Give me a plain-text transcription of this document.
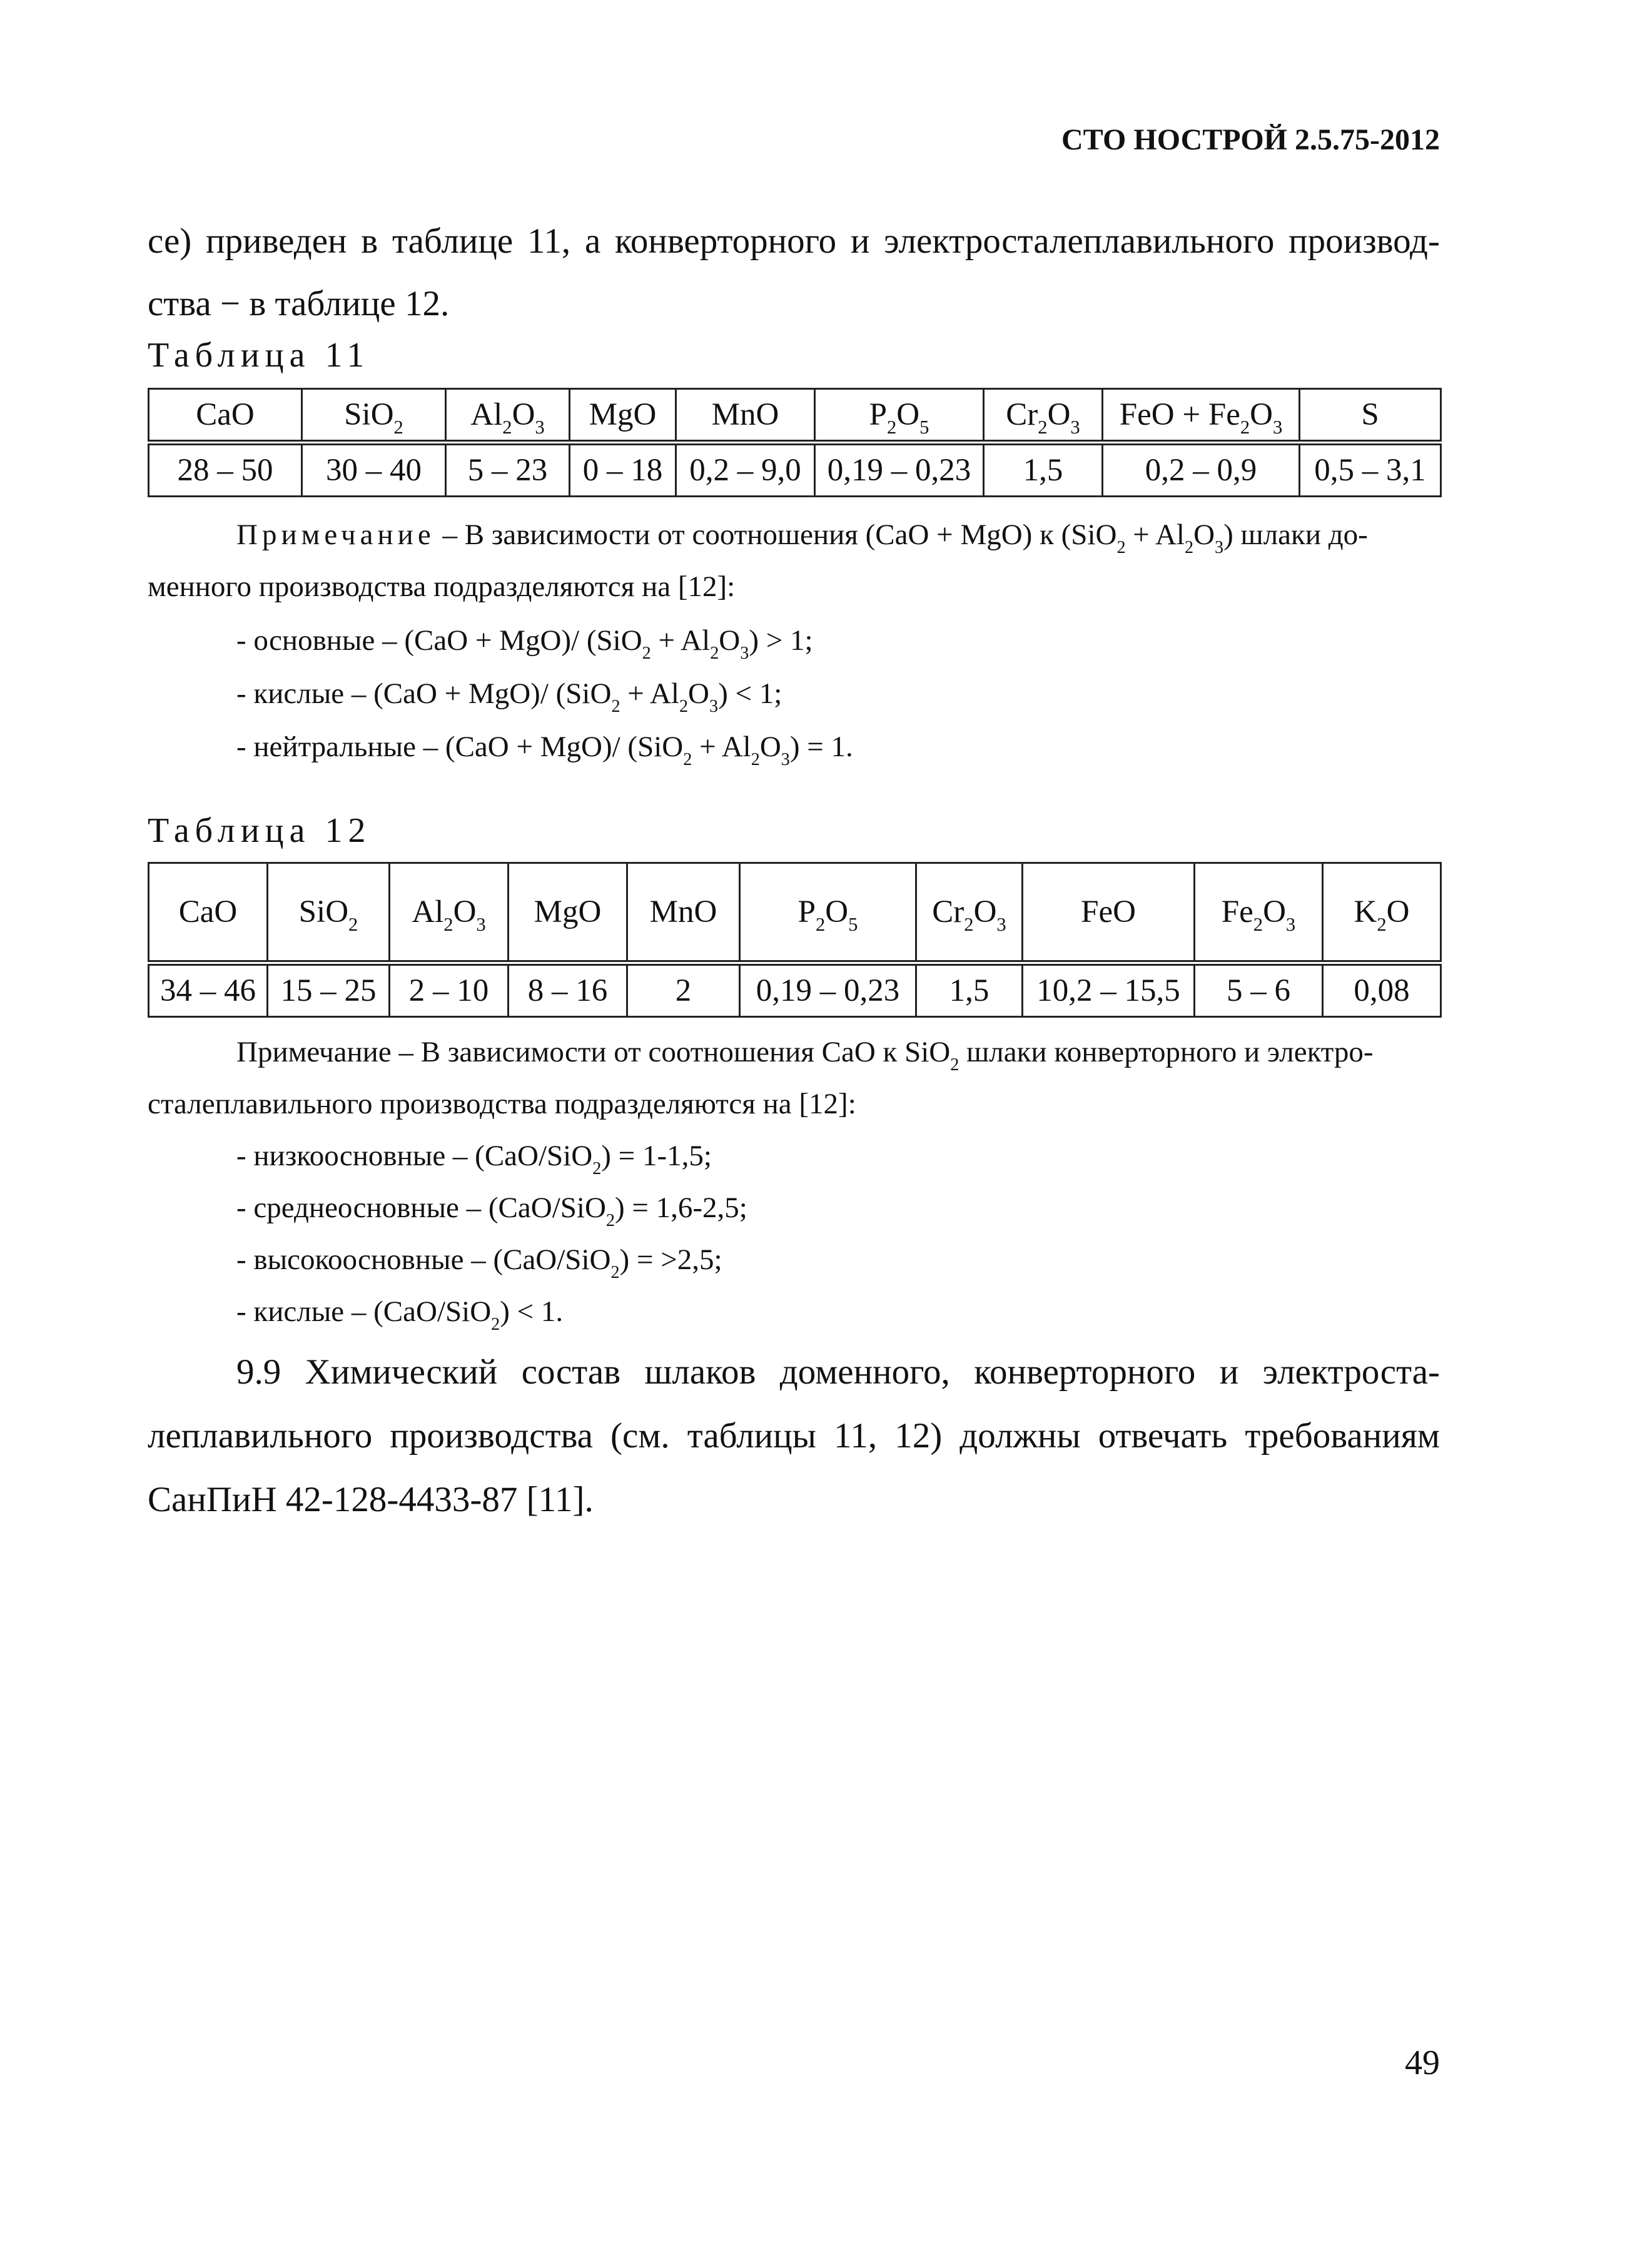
СТО НОСТРОЙ 2.5.75-2012
се) приведен в таблице 11, а конверторного и электросталеплавильного производ-
ства − в таблице 12.
Таблица 11
CaO	SiO$_2$	$Al_2O_3$	MgO	MnO	$P_2O_5$	$Cr_2O_3$	FeO + $Fe_2O_3$	S
28 – 50	30 – 40	5 – 23	0 – 18	0,2 – 9,0	0,19 – 0,23	1,5	0,2 – 0,9	0,5 – 3,1
Примечание – В зависимости от соотношения (CaO + MgO) к $(SiO_2 + Al_2O_3)$ шлаки до-
менного производства подразделяются на [12]:
- основные – (CaO + MgO)/ $(SiO_2 + Al_2O_3) > 1$;
- кислые – (CaO + MgO)/ $(SiO_2 + Al_2O_3) < 1$;
- нейтральные – (CaO + MgO)/ $(SiO_2 + Al_2O_3) = 1$.
Таблица 12
CaO	SiO$_2$	$Al_2O_3$	MgO	MnO	$P_2O_5$	$Cr_2O_3$	FeO	$Fe_2O_3$	$K_2O$
34 – 46	15 – 25	2 – 10	8 – 16	2	0,19 – 0,23	1,5	10,2 – 15,5	5 – 6	0,08
Примечание – В зависимости от соотношения CaO к SiO$_2$ шлаки конверторного и электро-
сталеплавильного производства подразделяются на [12]:
- низкоосновные – (CaO/SiO$_2$) = 1-1,5;
- среднеосновные – (CaO/SiO$_2$) = 1,6-2,5;
- высокоосновные – (CaO/SiO$_2$) = >2,5;
- кислые – (CaO/SiO$_2$) < 1.
9.9 Химический состав шлаков доменного, конверторного и электроста-
леплавильного производства (см. таблицы 11, 12) должны отвечать требованиям
СанПиН 42-128-4433-87 [11].
49
